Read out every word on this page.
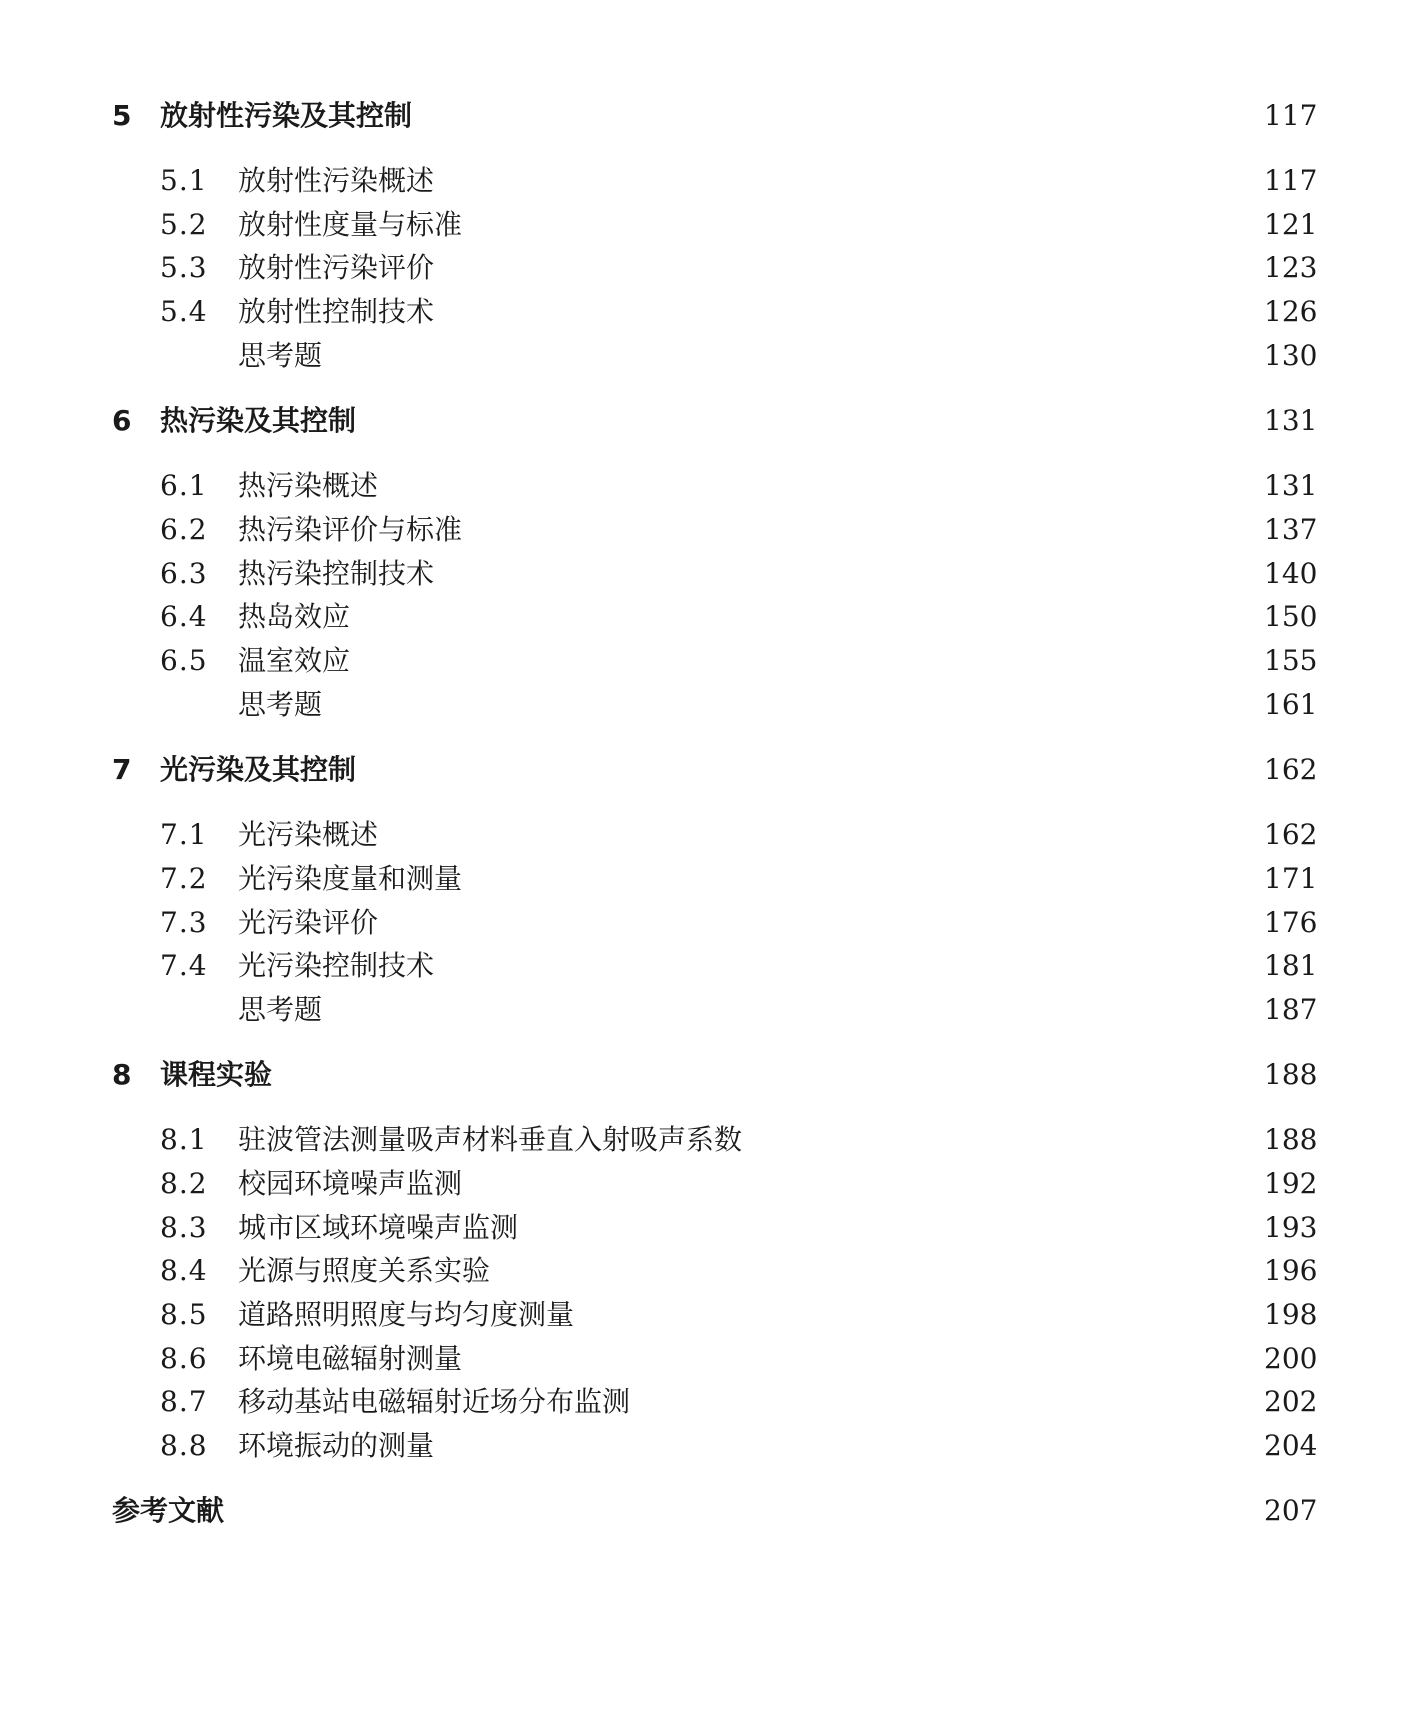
5	放射性污染及其控制	117
5.1	放射性污染概述	117
5.2	放射性度量与标准	121
5.3	放射性污染评价	123
5.4	放射性控制技术	126
思考题	130
6	热污染及其控制	131
6.1	热污染概述	131
6.2	热污染评价与标准	137
6.3	热污染控制技术	140
6.4	热岛效应	150
6.5	温室效应	155
思考题	161
7	光污染及其控制	162
7.1	光污染概述	162
7.2	光污染度量和测量	171
7.3	光污染评价	176
7.4	光污染控制技术	181
思考题	187
8	课程实验	188
8.1	驻波管法测量吸声材料垂直入射吸声系数	188
8.2	校园环境噪声监测	192
8.3	城市区域环境噪声监测	193
8.4	光源与照度关系实验	196
8.5	道路照明照度与均匀度测量	198
8.6	环境电磁辐射测量	200
8.7	移动基站电磁辐射近场分布监测	202
8.8	环境振动的测量	204
参考文献	207
